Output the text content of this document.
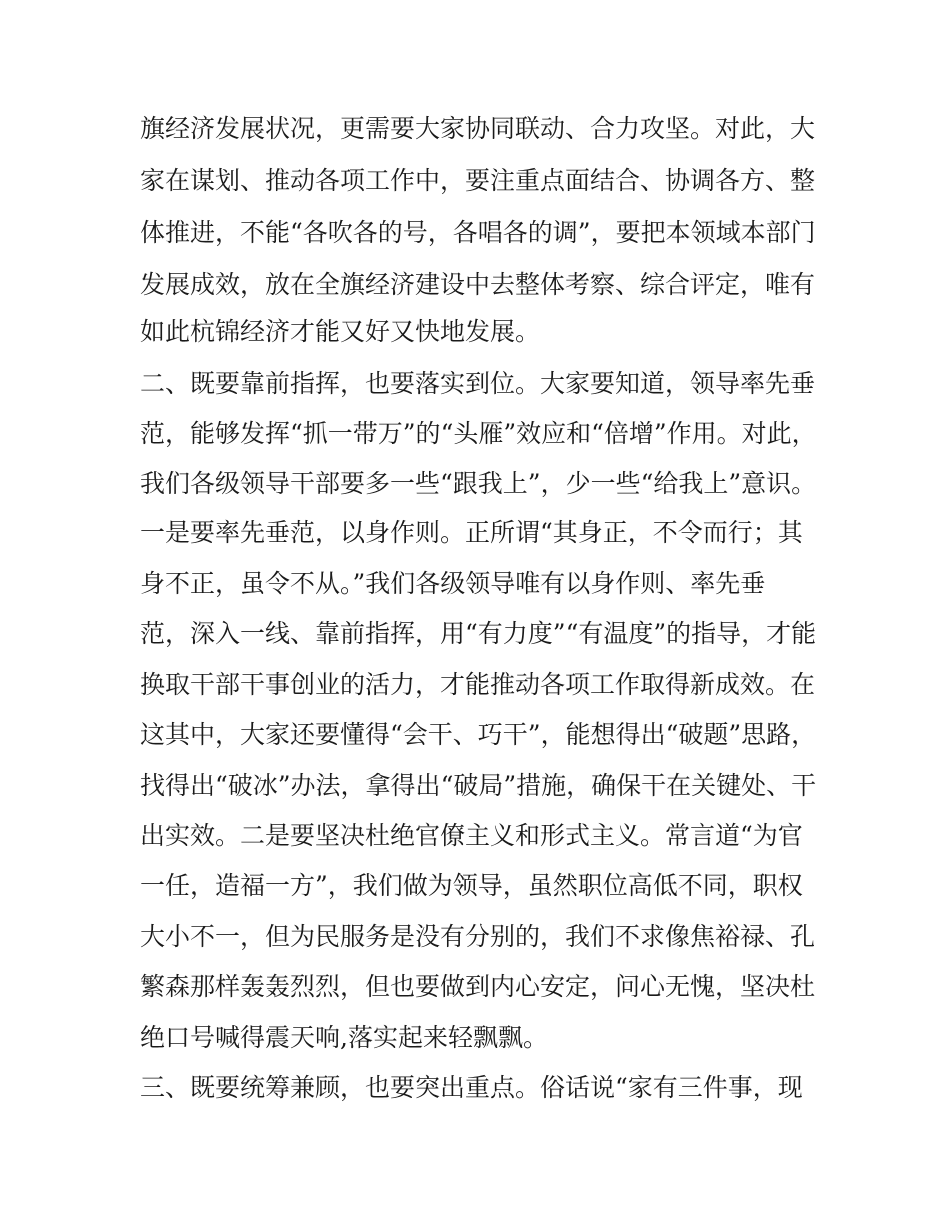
旗经济发展状况，更需要大家协同联动、合力攻坚。对此，大

家在谋划、推动各项工作中，要注重点面结合、协调各方、整

体推进，不能“各吹各的号，各唱各的调”，要把本领域本部门

发展成效，放在全旗经济建设中去整体考察、综合评定，唯有

如此杭锦经济才能又好又快地发展。

二、既要靠前指挥，也要落实到位。大家要知道，领导率先垂

范，能够发挥“抓一带万”的“头雁”效应和“倍增”作用。对此，

我们各级领导干部要多一些“跟我上”，少一些“给我上”意识。

一是要率先垂范，以身作则。正所谓“其身正，不令而行；其

身不正，虽令不从。”我们各级领导唯有以身作则、率先垂

范，深入一线、靠前指挥，用“有力度”“有温度”的指导，才能

换取干部干事创业的活力，才能推动各项工作取得新成效。在

这其中，大家还要懂得“会干、巧干”，能想得出“破题”思路，

找得出“破冰”办法，拿得出“破局”措施，确保干在关键处、干

出实效。二是要坚决杜绝官僚主义和形式主义。常言道“为官

一任，造福一方”，我们做为领导，虽然职位高低不同，职权

大小不一，但为民服务是没有分别的，我们不求像焦裕禄、孔

繁森那样轰轰烈烈，但也要做到内心安定，问心无愧，坚决杜

绝口号喊得震天响,落实起来轻飘飘。

三、既要统筹兼顾，也要突出重点。俗话说“家有三件事，现
